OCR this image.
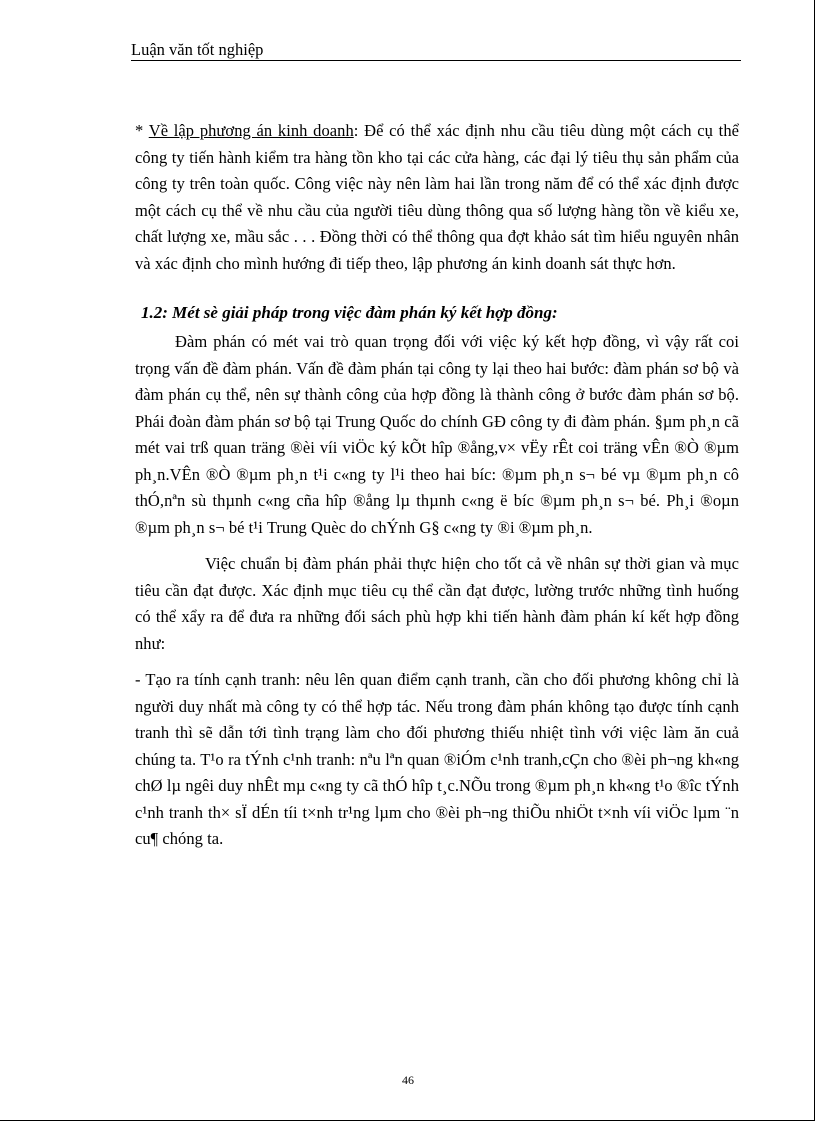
Luận văn tốt nghiệp

* Về lập phương án kinh doanh: Để có thể xác định nhu cầu tiêu dùng một cách cụ thể công ty tiến hành kiểm tra hàng tồn kho tại các cửa hàng, các đại lý tiêu thụ sản phẩm của công ty trên toàn quốc. Công việc này nên làm hai lần trong năm để có thể xác định được một cách cụ thể về nhu cầu của người tiêu dùng thông qua số lượng hàng tồn về kiểu xe, chất lượng xe, mầu sắc . . . Đồng thời có thể thông qua đợt khảo sát tìm hiểu nguyên nhân và xác định cho mình hướng đi tiếp theo, lập phương án kinh doanh sát thực hơn.

1.2: Mét sè giải pháp trong việc đàm phán ký kết hợp đồng:

Đàm phán có mét vai trò quan trọng đối với việc ký kết hợp đồng, vì vậy rất coi trọng vấn đề đàm phán. Vấn đề đàm phán tại công ty lại theo hai bước: đàm phán sơ bộ và đàm phán cụ thể, nên sự thành công của hợp đồng là thành công ở bước đàm phán sơ bộ. Phái đoàn đàm phán sơ bộ tại Trung Quốc do chính GĐ công ty đi đàm phán. §µm ph¸n cã mét vai trß quan träng ®èi víi viÖc ký kÕt hîp ®ång,v× vËy rÊt coi träng vÊn ®Ò ®µm ph¸n.VÊn ®Ò ®µm ph¸n t¹i c«ng ty l¹i theo hai bíc: ®µm ph¸n s¬ bé vµ ®µm ph¸n cô thÓ,nªn sù thµnh c«ng cña hîp ®ång lµ thµnh c«ng ë bíc ®µm ph¸n s¬ bé. Ph¸i ®oµn ®µm ph¸n s¬ bé t¹i Trung Quèc do chÝnh G§ c«ng ty ®i ®µm ph¸n.

Việc chuẩn bị đàm phán phải thực hiện cho tốt cả về nhân sự thời gian và mục tiêu cần đạt được. Xác định mục tiêu cụ thể cần đạt được, lường trước những tình huống có thể xẩy ra để đưa ra những đối sách phù hợp khi tiến hành đàm phán kí kết hợp đồng như:

- Tạo ra tính cạnh tranh: nêu lên quan điểm cạnh tranh, cần cho đối phương không chỉ là người duy nhất mà công ty có thể hợp tác. Nếu trong đàm phán không tạo được tính cạnh tranh thì sẽ dẫn tới tình trạng làm cho đối phương thiếu nhiệt tình với việc làm ăn cuả chúng ta. T¹o ra tÝnh c¹nh tranh: nªu lªn quan ®iÓm c¹nh tranh,cÇn cho ®èi ph¬ng kh«ng chØ lµ ngêi duy nhÊt mµ c«ng ty cã thÓ hîp t¸c.NÕu trong ®µm ph¸n kh«ng t¹o ®îc tÝnh c¹nh tranh th× sÏ dÉn tíi t×nh tr¹ng lµm cho ®èi ph¬ng thiÕu nhiÖt t×nh víi viÖc lµm ¨n cu¶ chóng ta.

46
